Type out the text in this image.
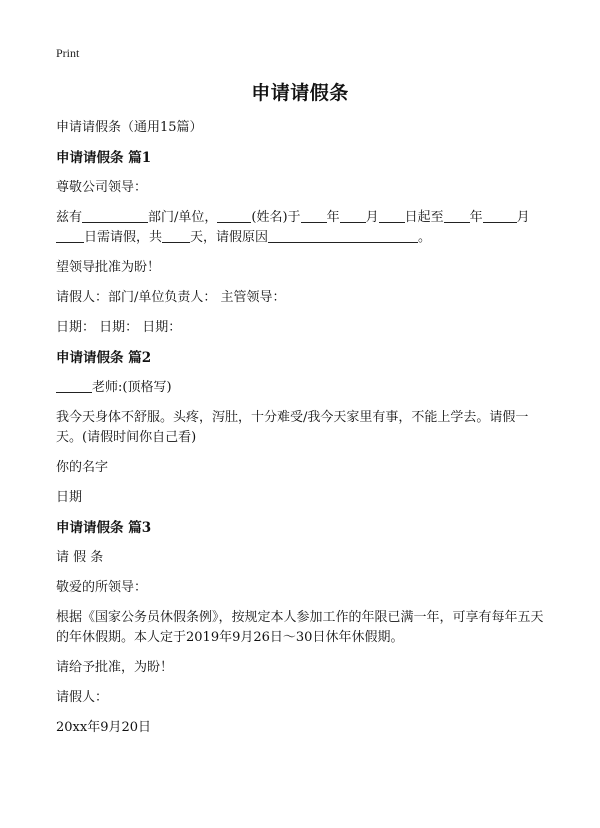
Print
申请请假条
申请请假条（通用15篇）
申请请假条 篇1
尊敬公司领导：
兹有	部门/单位，	(姓名)于 年 月 日起至 年	月日需请假，共 天，请假原因	。
望领导批准为盼！
请假人：部门/单位负责人： 主管领导：
日期： 日期： 日期：
申请请假条 篇2
老师:(顶格写)
我今天身体不舒服。头疼，泻肚，十分难受/我今天家里有事，不能上学去。请假一天。(请假时间你自己看)
你的名字
日期
申请请假条 篇3
请 假 条
敬爱的所领导：
根据《国家公务员休假条例》，按规定本人参加工作的年限已满一年，可享有每年五天的年休假期。本人定于2019年9月26日～30日休年休假期。
请给予批准，为盼！
请假人：
20xx年9月20日
